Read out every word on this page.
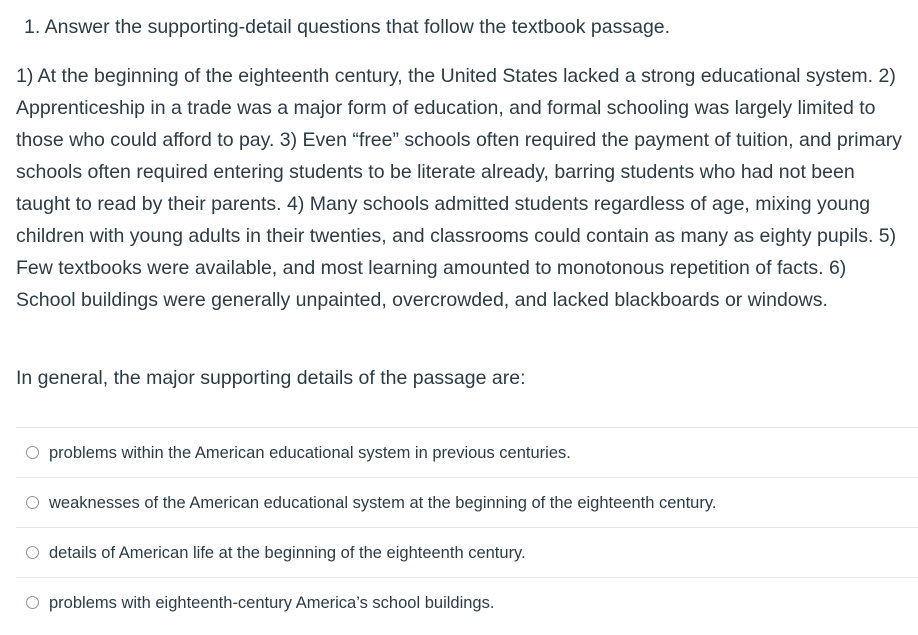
1. Answer the supporting-detail questions that follow the textbook passage.
1) At the beginning of the eighteenth century, the United States lacked a strong educational system. 2) Apprenticeship in a trade was a major form of education, and formal schooling was largely limited to those who could afford to pay. 3) Even “free” schools often required the payment of tuition, and primary schools often required entering students to be literate already, barring students who had not been taught to read by their parents. 4) Many schools admitted students regardless of age, mixing young children with young adults in their twenties, and classrooms could contain as many as eighty pupils. 5) Few textbooks were available, and most learning amounted to monotonous repetition of facts. 6) School buildings were generally unpainted, overcrowded, and lacked blackboards or windows.
In general, the major supporting details of the passage are:
problems within the American educational system in previous centuries.
weaknesses of the American educational system at the beginning of the eighteenth century.
details of American life at the beginning of the eighteenth century.
problems with eighteenth-century America’s school buildings.
